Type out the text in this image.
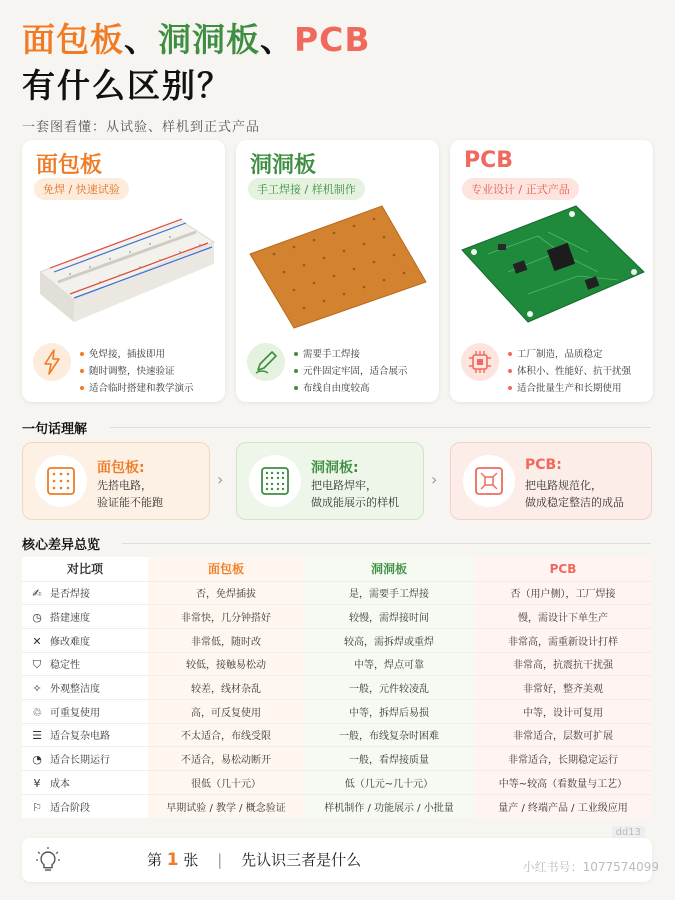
面包板、洞洞板、PCB
有什么区别？
一套图看懂：从试验、样机到正式产品
面包板
免焊 / 快速试验
免焊接，插拔即用
随时调整，快速验证
适合临时搭建和教学演示
洞洞板
手工焊接 / 样机制作
需要手工焊接
元件固定牢固，适合展示
布线自由度较高
PCB
专业设计 / 正式产品
工厂制造，品质稳定
体积小、性能好、抗干扰强
适合批量生产和长期使用
一句话理解
面包板:
先搭电路，
验证能不能跑
›
洞洞板:
把电路焊牢，
做成能展示的样机
›
PCB:
把电路规范化，
做成稳定整洁的成品
核心差异总览
对比项	面包板	洞洞板	PCB
✍ 是否焊接	否，免焊插拔	是，需要手工焊接	否（用户侧），工厂焊接
◷ 搭建速度	非常快，几分钟搭好	较慢，需焊接时间	慢，需设计下单生产
✕ 修改难度	非常低，随时改	较高，需拆焊或重焊	非常高，需重新设计打样
⛉ 稳定性	较低，接触易松动	中等，焊点可靠	非常高，抗震抗干扰强
✧ 外观整洁度	较差，线材杂乱	一般，元件较凌乱	非常好，整齐美观
♲ 可重复使用	高，可反复使用	中等，拆焊后易损	中等，设计可复用
☰ 适合复杂电路	不太适合，布线受限	一般，布线复杂时困难	非常适合，层数可扩展
◔ 适合长期运行	不适合，易松动断开	一般，看焊接质量	非常适合，长期稳定运行
¥ 成本	很低（几十元）	低（几元~几十元）	中等~较高（看数量与工艺）
⚐ 适合阶段	早期试验 / 教学 / 概念验证	样机制作 / 功能展示 / 小批量	量产 / 终端产品 / 工业级应用
dd13
第 1 张 | 先认识三者是什么	小红书号：1077574099
